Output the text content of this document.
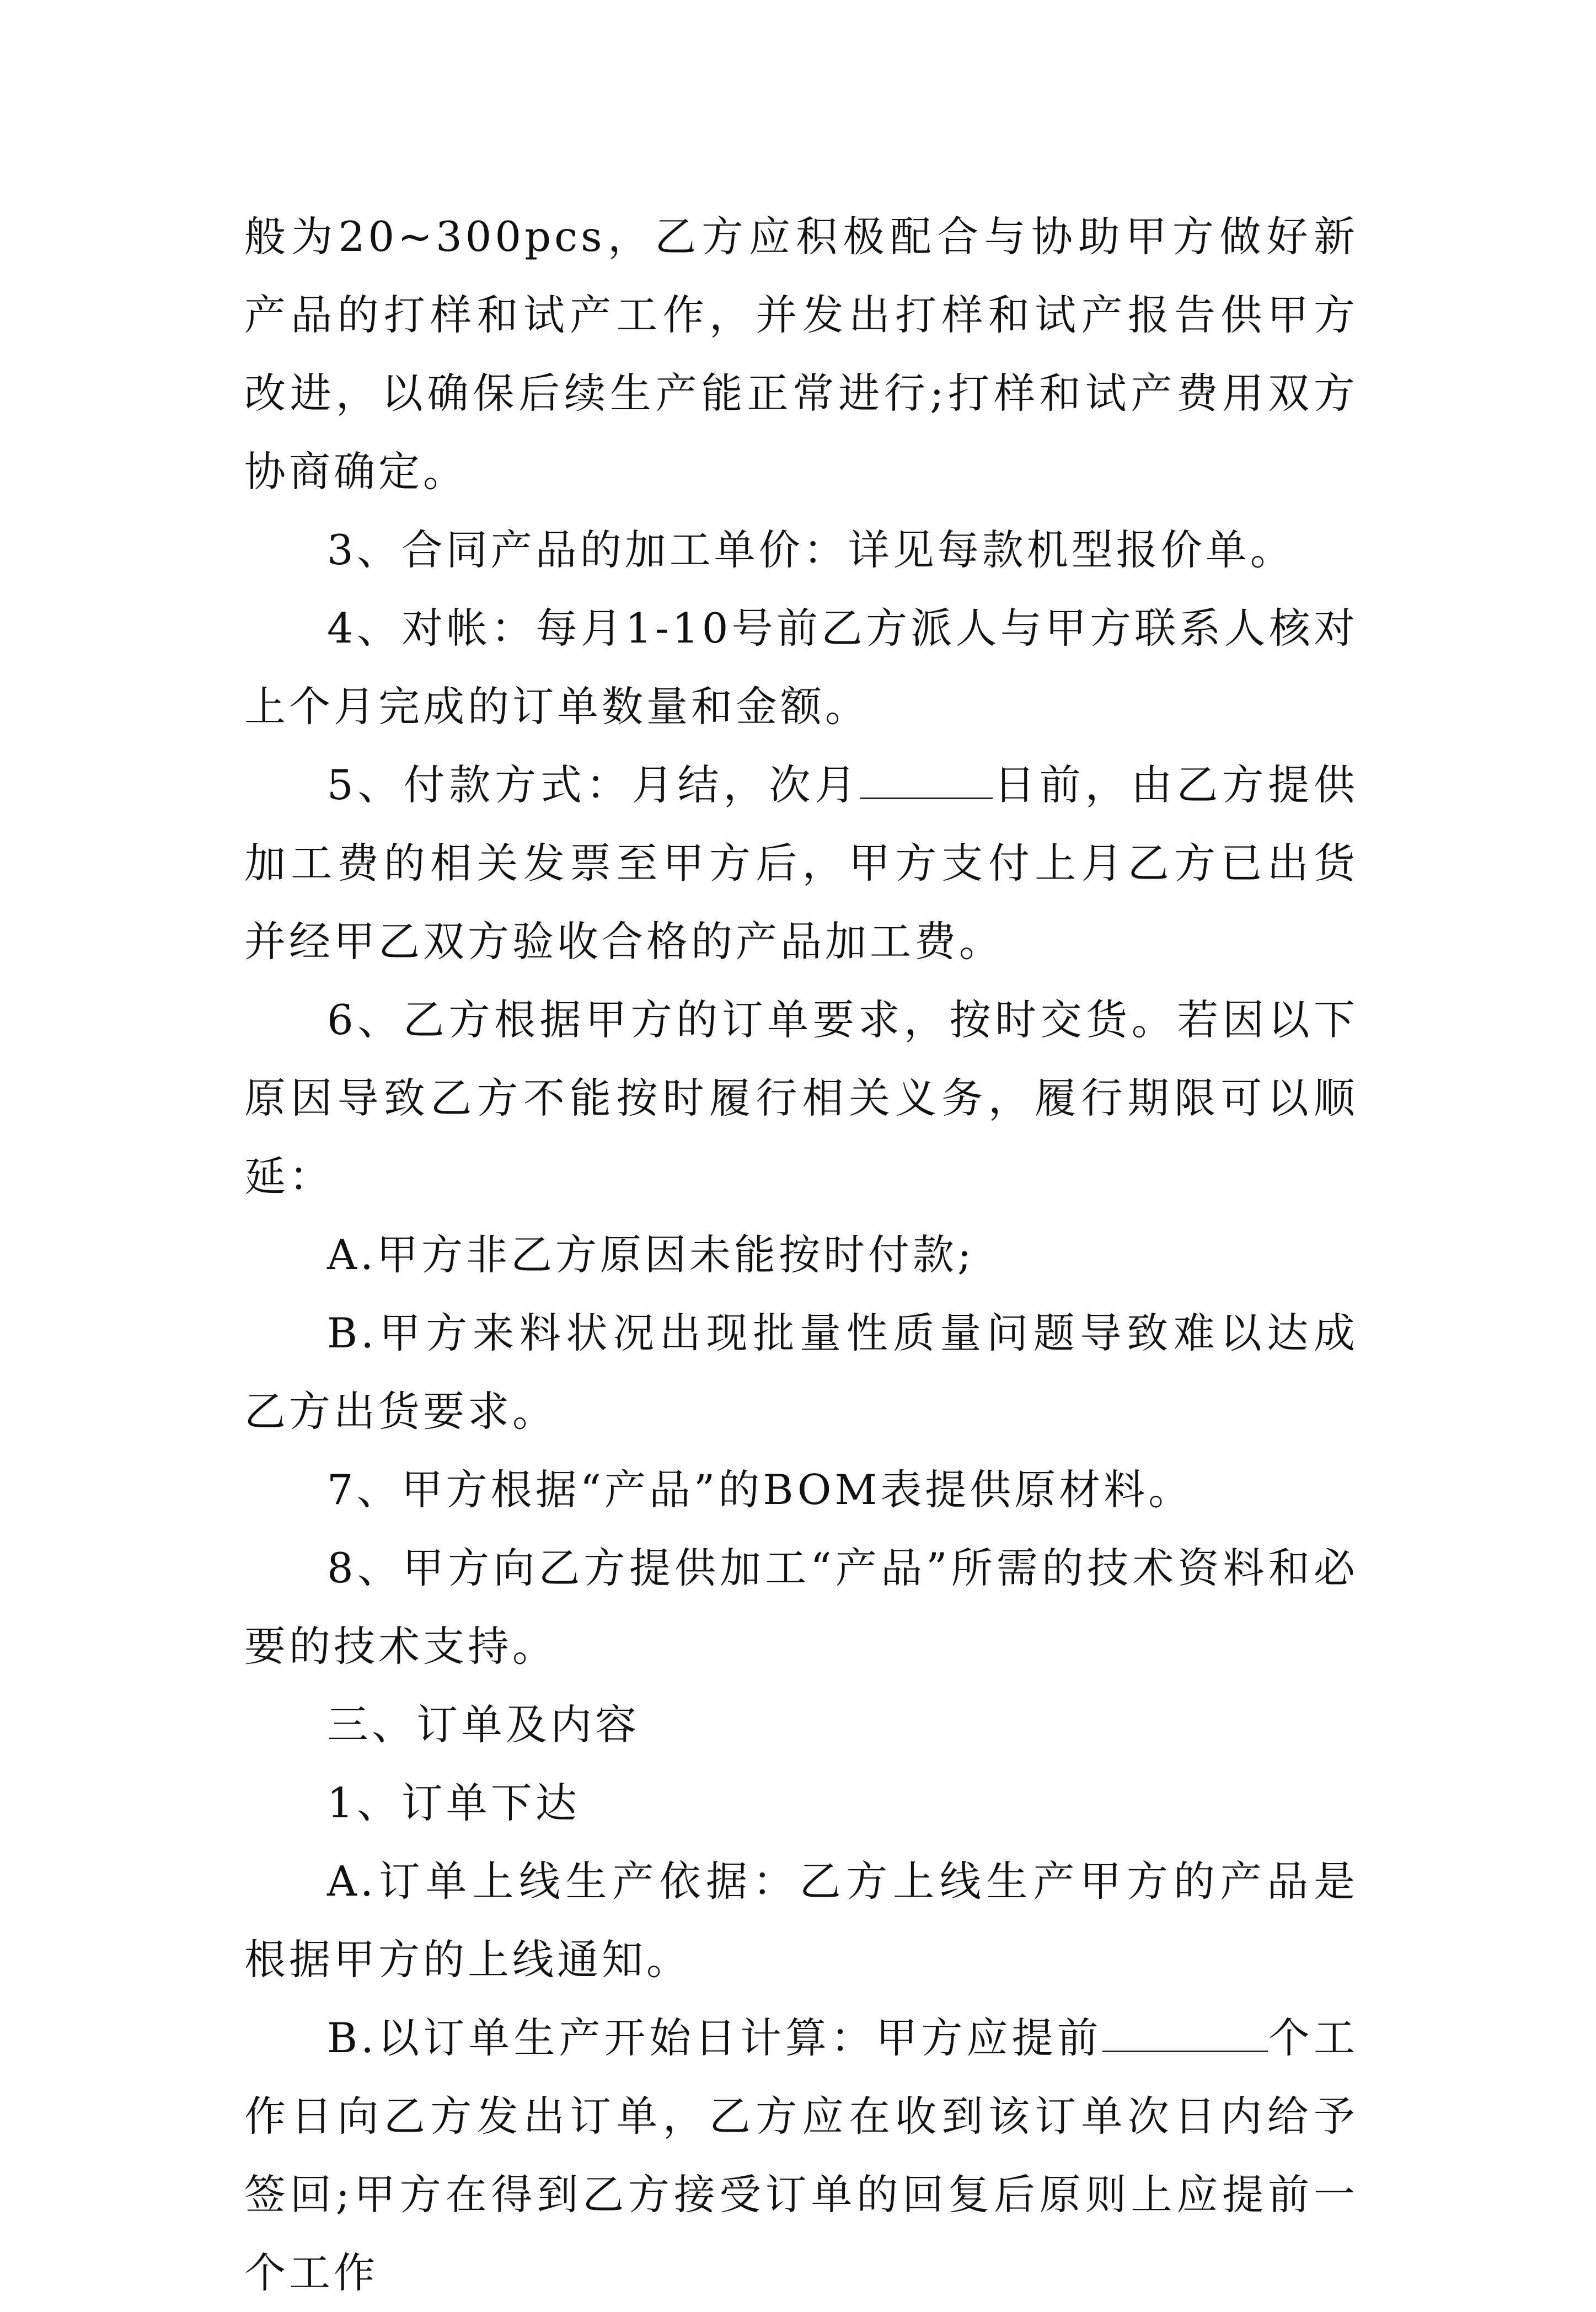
般为20~300pcs，乙方应积极配合与协助甲方做好新产品的打样和试产工作，并发出打样和试产报告供甲方改进，以确保后续生产能正常进行;打样和试产费用双方协商确定。

3、合同产品的加工单价：详见每款机型报价单。

4、对帐：每月1-10号前乙方派人与甲方联系人核对上个月完成的订单数量和金额。

5、付款方式：月结，次月	日前，由乙方提供加工费的相关发票至甲方后，甲方支付上月乙方已出货并经甲乙双方验收合格的产品加工费。

6、乙方根据甲方的订单要求，按时交货。若因以下原因导致乙方不能按时履行相关义务，履行期限可以顺延：

A.甲方非乙方原因未能按时付款;

B.甲方来料状况出现批量性质量问题导致难以达成乙方出货要求。

7、甲方根据“产品”的BOM表提供原材料。

8、甲方向乙方提供加工“产品”所需的技术资料和必要的技术支持。

三、订单及内容

1、订单下达

A.订单上线生产依据：乙方上线生产甲方的产品是根据甲方的上线通知。

B.以订单生产开始日计算：甲方应提前	个工作日向乙方发出订单，乙方应在收到该订单次日内给予签回;甲方在得到乙方接受订单的回复后原则上应提前一个工作
